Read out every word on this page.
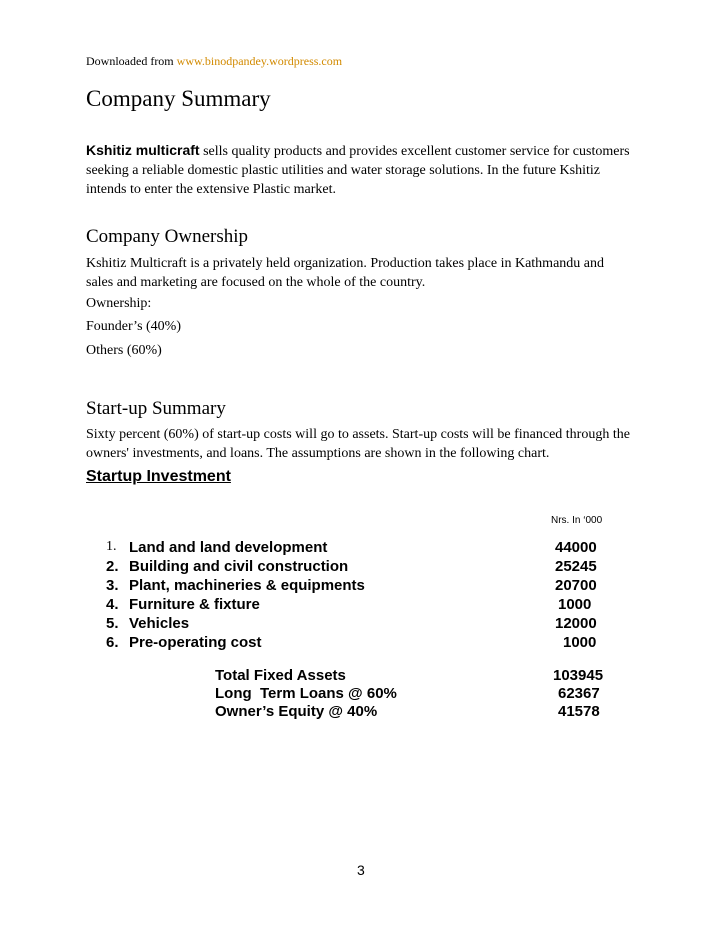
Downloaded from www.binodpandey.wordpress.com
Company Summary
Kshitiz multicraft sells quality products and provides excellent customer service for customers
seeking a reliable domestic plastic utilities and water storage solutions. In the future Kshitiz
intends to enter the extensive Plastic market.
Company Ownership
Kshitiz Multicraft is a privately held organization. Production takes place in Kathmandu and
sales and marketing are focused on the whole of the country.
Ownership:
Founder’s (40%)
Others (60%)
Start-up Summary
Sixty percent (60%) of start-up costs will go to assets. Start-up costs will be financed through the
owners' investments, and loans. The assumptions are shown in the following chart.
Startup Investment
Nrs. In ‘000
1. Land and land development	44000
2. Building and civil construction	25245
3. Plant, machineries & equipments	20700
4. Furniture & fixture	1000
5. Vehicles	12000
6. Pre-operating cost	1000
Total Fixed Assets	103945
Long  Term Loans @ 60%	62367
Owner’s Equity @ 40%	41578
3
